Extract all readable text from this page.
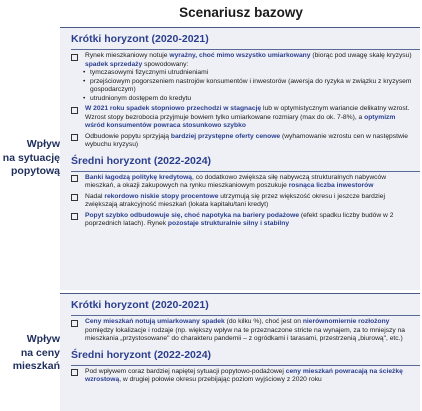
Scenariusz bazowy
Wpływ
na sytuację
popytową
Wpływ
na ceny
mieszkań
Krótki horyzont (2020-2021)
Rynek mieszkaniowy notuje wyraźny, choć mimo wszystko umiarkowany (biorąc pod uwagę skalę kryzysu) spadek sprzedaży spowodowany:
• tymczasowymi fizycznymi utrudnieniami
• przejściowym pogorszeniem nastrojów konsumentów i inwestorów (awersja do ryzyka w związku z kryzysem gospodarczym)
• utrudnionym dostępem do kredytu
W 2021 roku spadek stopniowo przechodzi w stagnację lub w optymistycznym wariancie delikatny wzrost. Wzrost stopy bezrobocia przyjmuje bowiem tylko umiarkowane rozmiary (max do ok. 7-8%), a optymizm wśród konsumentów powraca stosunkowo szybko
Odbudowie popytu sprzyjają bardziej przystępne oferty cenowe (wyhamowanie wzrostu cen w następstwie wybuchu kryzysu)
Średni horyzont (2022-2024)
Banki łagodzą politykę kredytową, co dodatkowo zwiększa siłę nabywczą strukturalnych nabywców mieszkań, a okazji zakupowych na rynku mieszkaniowym poszukuje rosnąca liczba inwestorów
Nadal rekordowo niskie stopy procentowe utrzymują się przez większość okresu i jeszcze bardziej zwiększają atrakcyjność mieszkań (lokata kapitału/tani kredyt)
Popyt szybko odbudowuje się, choć napotyka na bariery podażowe (efekt spadku liczby budów w 2 poprzednich latach). Rynek pozostaje strukturalnie silny i stabilny
Krótki horyzont (2020-2021)
Ceny mieszkań notują umiarkowany spadek (do kilku %), choć jest on nierównomiernie rozłożony pomiędzy lokalizacje i rodzaje (np. większy wpływ na te przeznaczone stricte na wynajem, za to mniejszy na mieszkania „przystosowane" do charakteru pandemii – z ogródkami i tarasami, przestrzenią „biurową", etc.)
Średni horyzont (2022-2024)
Pod wpływem coraz bardziej napiętej sytuacji popytowo-podażowej ceny mieszkań powracają na ścieżkę wzrostową, w drugiej połowie okresu przebijając poziom wyjściowy z 2020 roku
